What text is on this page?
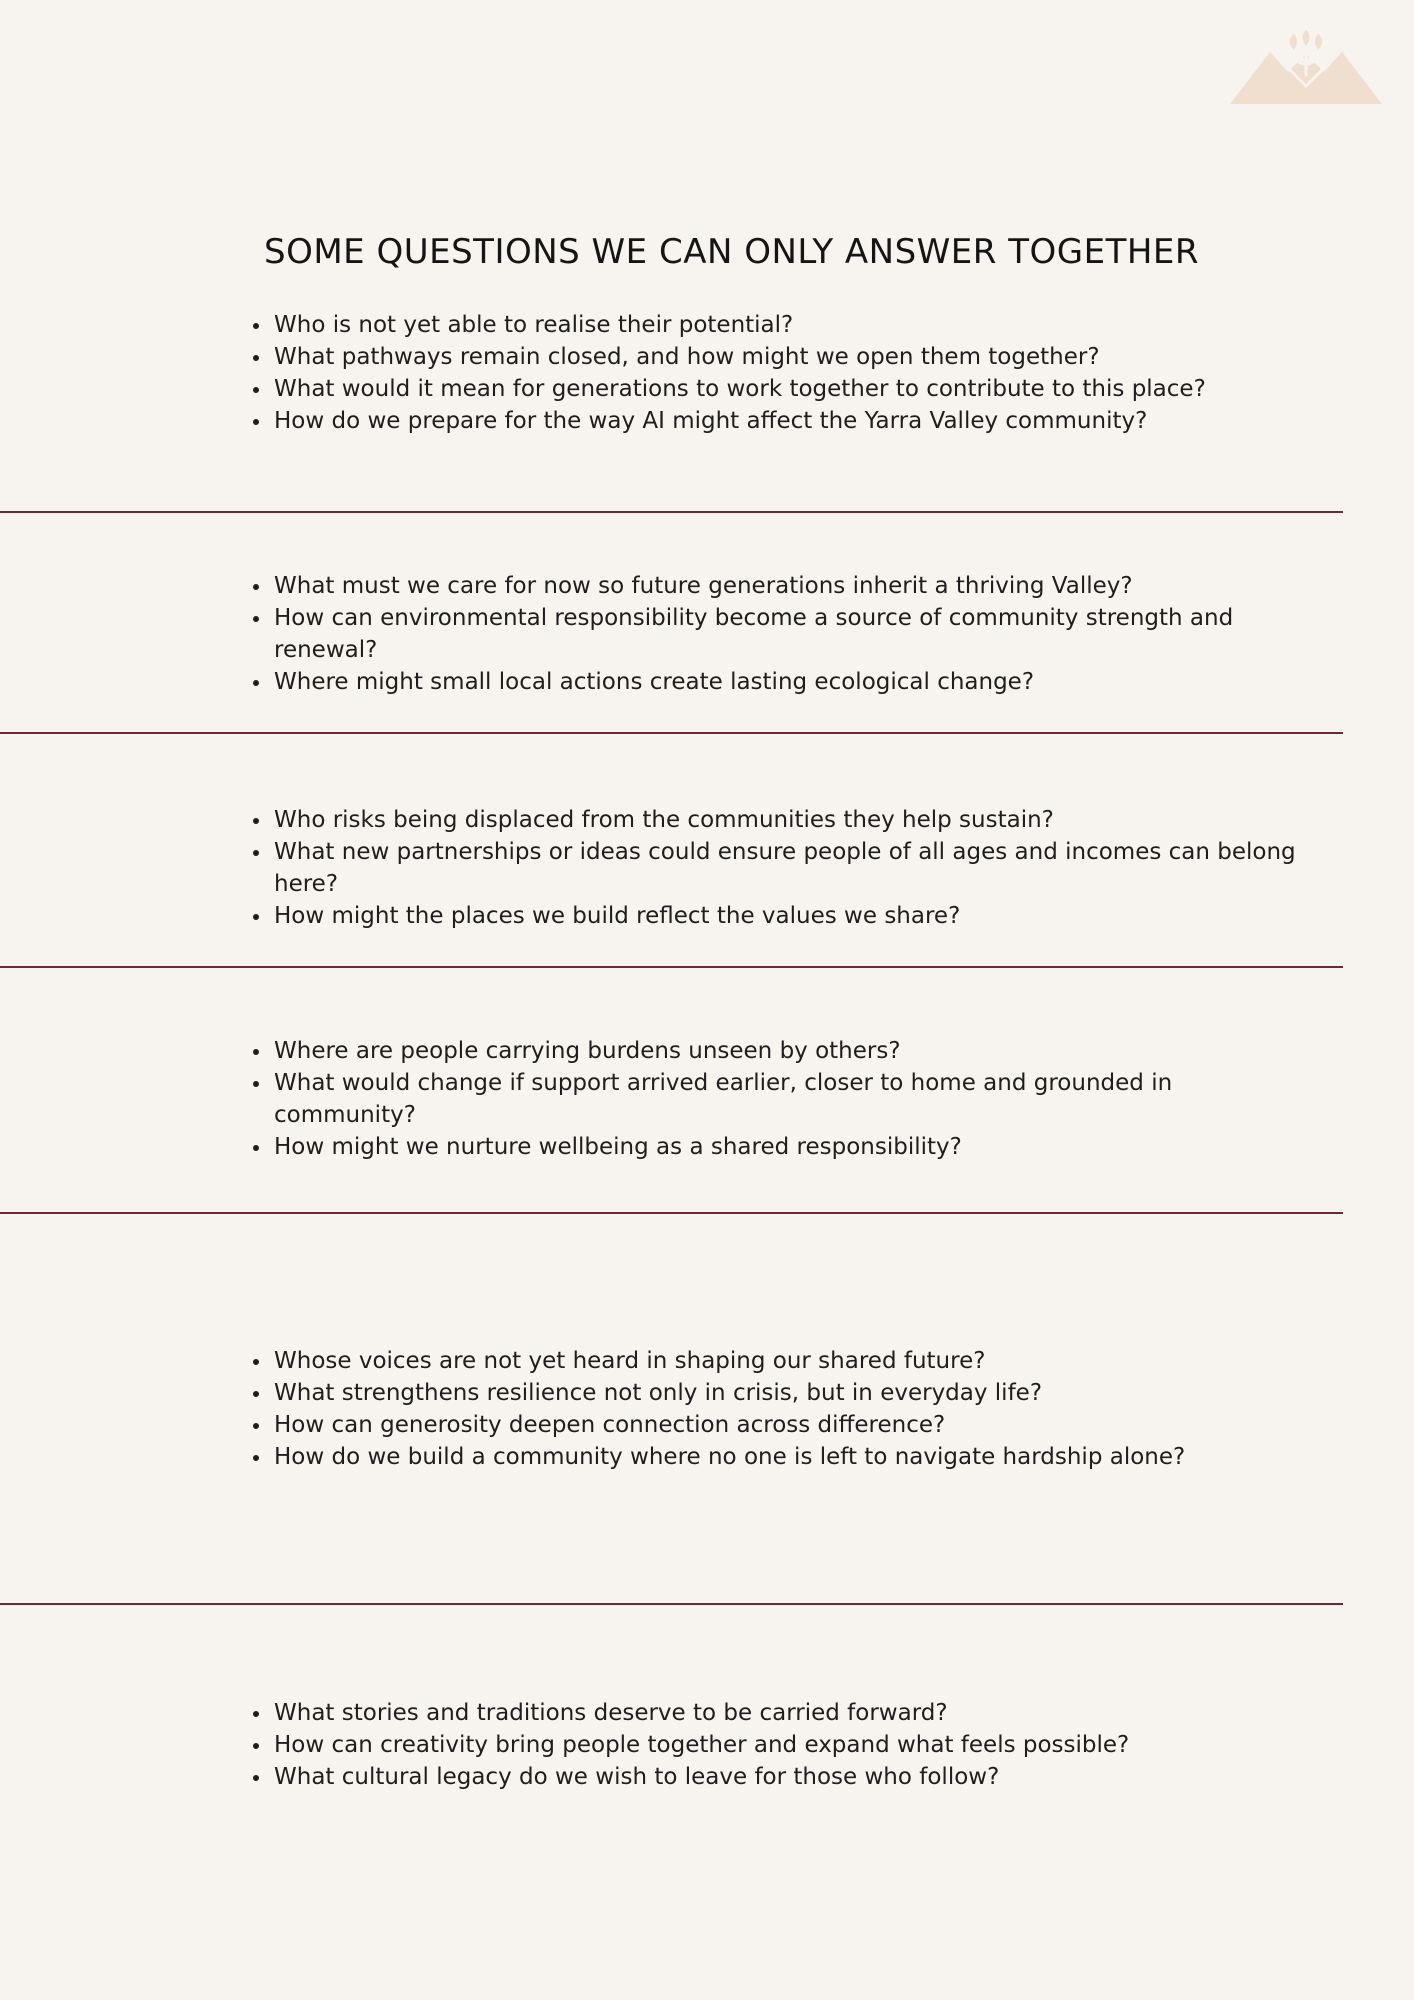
SOME QUESTIONS WE CAN ONLY ANSWER TOGETHER
• Who is not yet able to realise their potential?
• What pathways remain closed, and how might we open them together?
• What would it mean for generations to work together to contribute to this place?
• How do we prepare for the way AI might affect the Yarra Valley community?
• What must we care for now so future generations inherit a thriving Valley?
• How can environmental responsibility become a source of community strength and renewal?
• Where might small local actions create lasting ecological change?
• Who risks being displaced from the communities they help sustain?
• What new partnerships or ideas could ensure people of all ages and incomes can belong here?
• How might the places we build reflect the values we share?
• Where are people carrying burdens unseen by others?
• What would change if support arrived earlier, closer to home and grounded in community?
• How might we nurture wellbeing as a shared responsibility?
• Whose voices are not yet heard in shaping our shared future?
• What strengthens resilience not only in crisis, but in everyday life?
• How can generosity deepen connection across difference?
• How do we build a community where no one is left to navigate hardship alone?
• What stories and traditions deserve to be carried forward?
• How can creativity bring people together and expand what feels possible?
• What cultural legacy do we wish to leave for those who follow?
